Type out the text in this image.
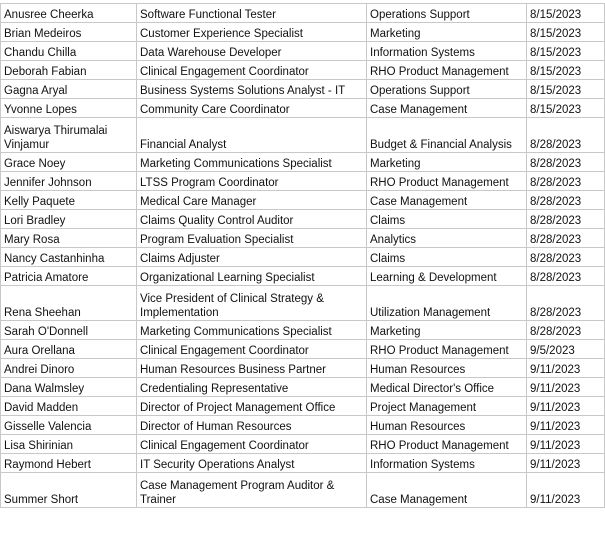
Anusree Cheerka	Software Functional Tester	Operations Support	8/15/2023
Brian Medeiros	Customer Experience Specialist	Marketing	8/15/2023
Chandu Chilla	Data Warehouse Developer	Information Systems	8/15/2023
Deborah Fabian	Clinical Engagement Coordinator	RHO Product Management	8/15/2023
Gagna Aryal	Business Systems Solutions Analyst - IT	Operations Support	8/15/2023
Yvonne Lopes	Community Care Coordinator	Case Management	8/15/2023
Aiswarya Thirumalai Vinjamur	Financial Analyst	Budget & Financial Analysis	8/28/2023
Grace Noey	Marketing Communications Specialist	Marketing	8/28/2023
Jennifer Johnson	LTSS Program Coordinator	RHO Product Management	8/28/2023
Kelly Paquete	Medical Care Manager	Case Management	8/28/2023
Lori Bradley	Claims Quality Control Auditor	Claims	8/28/2023
Mary Rosa	Program Evaluation Specialist	Analytics	8/28/2023
Nancy Castanhinha	Claims Adjuster	Claims	8/28/2023
Patricia Amatore	Organizational Learning Specialist	Learning & Development	8/28/2023
Rena Sheehan	Vice President of Clinical Strategy & Implementation	Utilization Management	8/28/2023
Sarah O'Donnell	Marketing Communications Specialist	Marketing	8/28/2023
Aura Orellana	Clinical Engagement Coordinator	RHO Product Management	9/5/2023
Andrei Dinoro	Human Resources Business Partner	Human Resources	9/11/2023
Dana Walmsley	Credentialing Representative	Medical Director's Office	9/11/2023
David Madden	Director of Project Management Office	Project Management	9/11/2023
Gisselle Valencia	Director of Human Resources	Human Resources	9/11/2023
Lisa Shirinian	Clinical Engagement Coordinator	RHO Product Management	9/11/2023
Raymond Hebert	IT Security Operations Analyst	Information Systems	9/11/2023
Summer Short	Case Management Program Auditor & Trainer	Case Management	9/11/2023
